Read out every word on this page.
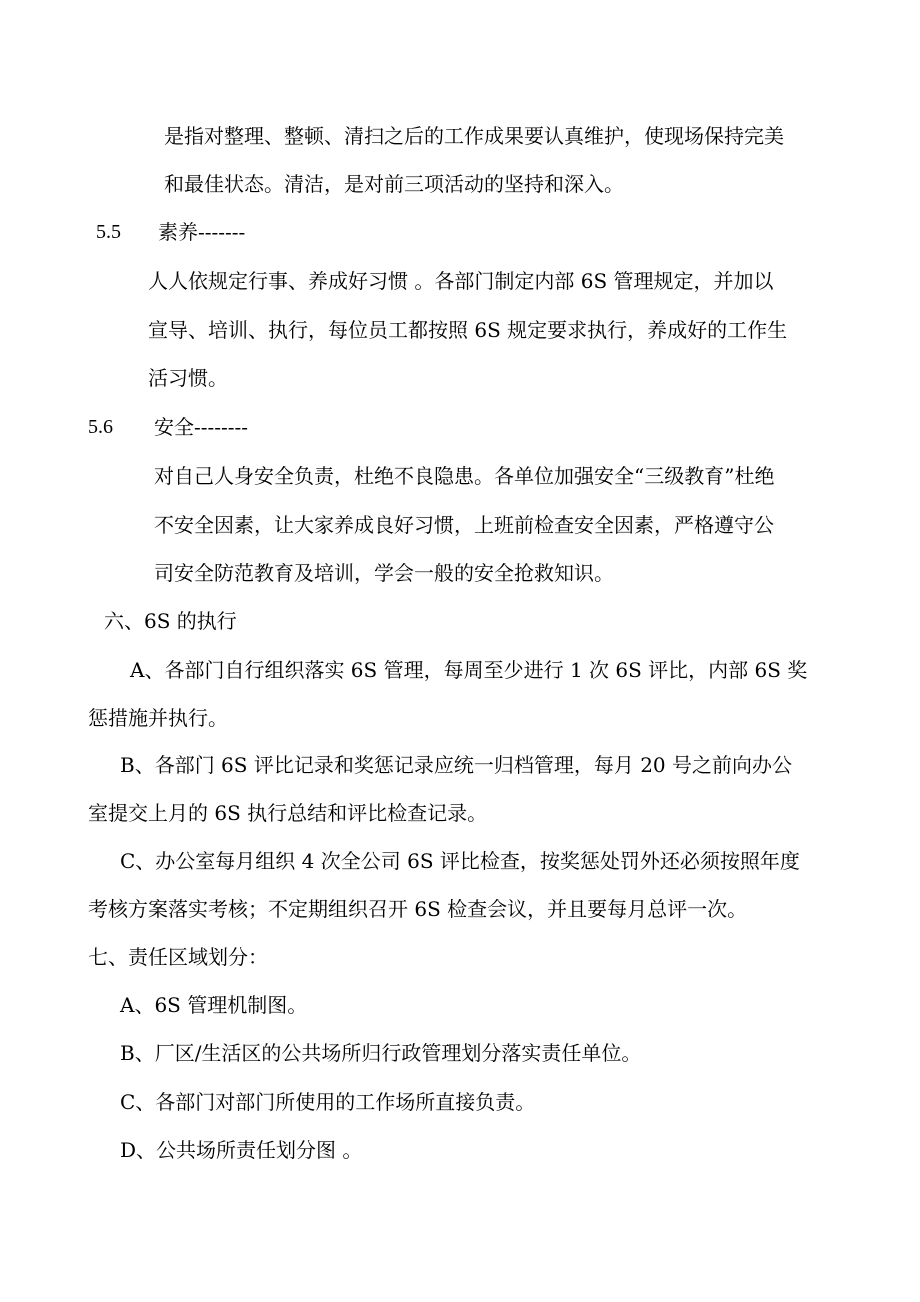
是指对整理、整顿、清扫之后的工作成果要认真维护，使现场保持完美
和最佳状态。清洁，是对前三项活动的坚持和深入。
5.5 素养-------
人人依规定行事、养成好习惯 。各部门制定内部 6S 管理规定，并加以
宣导、培训、执行，每位员工都按照 6S 规定要求执行，养成好的工作生
活习惯。
5.6 安全--------
对自己人身安全负责，杜绝不良隐患。各单位加强安全“三级教育”杜绝
不安全因素，让大家养成良好习惯，上班前检查安全因素，严格遵守公
司安全防范教育及培训，学会一般的安全抢救知识。
六、6S 的执行
A、各部门自行组织落实 6S 管理，每周至少进行 1 次 6S 评比，内部 6S 奖
惩措施并执行。
B、各部门 6S 评比记录和奖惩记录应统一归档管理，每月 20 号之前向办公
室提交上月的 6S 执行总结和评比检查记录。
C、办公室每月组织 4 次全公司 6S 评比检查，按奖惩处罚外还必须按照年度
考核方案落实考核；不定期组织召开 6S 检查会议，并且要每月总评一次。
七、责任区域划分：
A、6S 管理机制图。
B、厂区/生活区的公共场所归行政管理划分落实责任单位。
C、各部门对部门所使用的工作场所直接负责。
D、公共场所责任划分图 。
